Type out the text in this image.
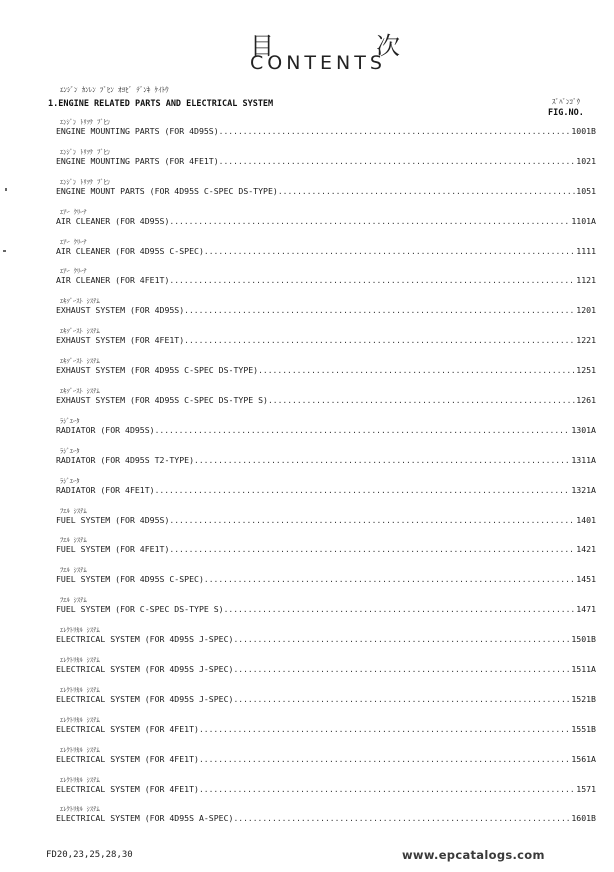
目	次
CONTENTS
ｴﾝｼﾞﾝ ｶﾝﾚﾝ ﾌﾞﾋﾝ ｵﾖﾋﾞ ﾃﾞﾝｷ ｹｲﾄｳ
1.ENGINE RELATED PARTS AND ELECTRICAL SYSTEM	ｽﾞﾊﾞﾝｺﾞｳ
FIG.NO.
ｴﾝｼﾞﾝ ﾄﾘﾂｹ ﾌﾞﾋﾝ
ENGINE MOUNTING PARTS (FOR 4D95S) .....	1001B
ｴﾝｼﾞﾝ ﾄﾘﾂｹ ﾌﾞﾋﾝ
ENGINE MOUNTING PARTS (FOR 4FE1T) .....	1021
ｴﾝｼﾞﾝ ﾄﾘﾂｹ ﾌﾞﾋﾝ
ENGINE MOUNT PARTS (FOR 4D95S C-SPEC DS-TYPE) .....	1051
ｴｱｰ ｸﾘｰﾅ
AIR CLEANER (FOR 4D95S) .....	1101A
ｴｱｰ ｸﾘｰﾅ
AIR CLEANER (FOR 4D95S C-SPEC) .....	1111
ｴｱｰ ｸﾘｰﾅ
AIR CLEANER (FOR 4FE1T) .....	1121
ｴｷｿﾞｰｽﾄ ｼｽﾃﾑ
EXHAUST SYSTEM (FOR 4D95S) .....	1201
ｴｷｿﾞｰｽﾄ ｼｽﾃﾑ
EXHAUST SYSTEM (FOR 4FE1T) .....	1221
ｴｷｿﾞｰｽﾄ ｼｽﾃﾑ
EXHAUST SYSTEM (FOR 4D95S C-SPEC DS-TYPE) .....	1251
ｴｷｿﾞｰｽﾄ ｼｽﾃﾑ
EXHAUST SYSTEM (FOR 4D95S C-SPEC DS-TYPE S) .....	1261
ﾗｼﾞｴｰﾀ
RADIATOR (FOR 4D95S) .....	1301A
ﾗｼﾞｴｰﾀ
RADIATOR (FOR 4D95S T2-TYPE) .....	1311A
ﾗｼﾞｴｰﾀ
RADIATOR (FOR 4FE1T) .....	1321A
ﾌｴﾙ ｼｽﾃﾑ
FUEL SYSTEM (FOR 4D95S) .....	1401
ﾌｴﾙ ｼｽﾃﾑ
FUEL SYSTEM (FOR 4FE1T) .....	1421
ﾌｴﾙ ｼｽﾃﾑ
FUEL SYSTEM (FOR 4D95S C-SPEC) .....	1451
ﾌｴﾙ ｼｽﾃﾑ
FUEL SYSTEM (FOR C-SPEC DS-TYPE S) .....	1471
ｴﾚｸﾄﾘｶﾙ ｼｽﾃﾑ
ELECTRICAL SYSTEM (FOR 4D95S J-SPEC) .....	1501B
ｴﾚｸﾄﾘｶﾙ ｼｽﾃﾑ
ELECTRICAL SYSTEM (FOR 4D95S J-SPEC) .....	1511A
ｴﾚｸﾄﾘｶﾙ ｼｽﾃﾑ
ELECTRICAL SYSTEM (FOR 4D95S J-SPEC) .....	1521B
ｴﾚｸﾄﾘｶﾙ ｼｽﾃﾑ
ELECTRICAL SYSTEM (FOR 4FE1T) .....	1551B
ｴﾚｸﾄﾘｶﾙ ｼｽﾃﾑ
ELECTRICAL SYSTEM (FOR 4FE1T) .....	1561A
ｴﾚｸﾄﾘｶﾙ ｼｽﾃﾑ
ELECTRICAL SYSTEM (FOR 4FE1T) .....	1571
ｴﾚｸﾄﾘｶﾙ ｼｽﾃﾑ
ELECTRICAL SYSTEM (FOR 4D95S A-SPEC) .....	1601B
FD20,23,25,28,30	www.epcatalogs.com
